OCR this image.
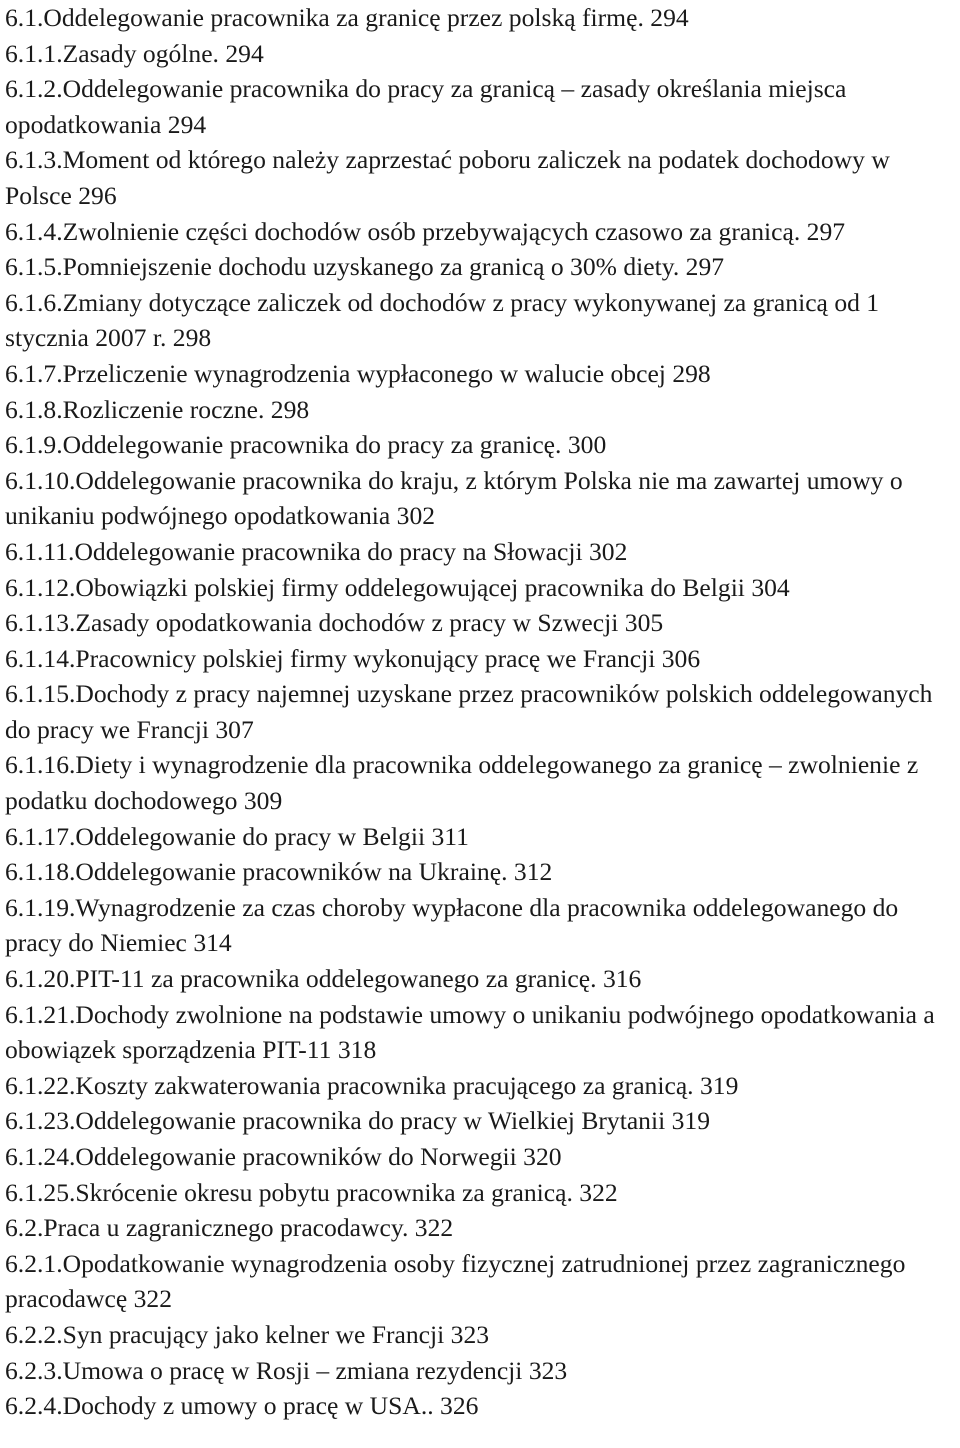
6.1.Oddelegowanie pracownika za granicę przez polską firmę. 294
6.1.1.Zasady ogólne. 294
6.1.2.Oddelegowanie pracownika do pracy za granicą – zasady określania miejsca opodatkowania 294
6.1.3.Moment od którego należy zaprzestać poboru zaliczek na podatek dochodowy w Polsce 296
6.1.4.Zwolnienie części dochodów osób przebywających czasowo za granicą. 297
6.1.5.Pomniejszenie dochodu uzyskanego za granicą o 30% diety. 297
6.1.6.Zmiany dotyczące zaliczek od dochodów z pracy wykonywanej za granicą od 1 stycznia 2007 r. 298
6.1.7.Przeliczenie wynagrodzenia wypłaconego w walucie obcej 298
6.1.8.Rozliczenie roczne. 298
6.1.9.Oddelegowanie pracownika do pracy za granicę. 300
6.1.10.Oddelegowanie pracownika do kraju, z którym Polska nie ma zawartej umowy o unikaniu podwójnego opodatkowania 302
6.1.11.Oddelegowanie pracownika do pracy na Słowacji 302
6.1.12.Obowiązki polskiej firmy oddelegowującej pracownika do Belgii 304
6.1.13.Zasady opodatkowania dochodów z pracy w Szwecji 305
6.1.14.Pracownicy polskiej firmy wykonujący pracę we Francji 306
6.1.15.Dochody z pracy najemnej uzyskane przez pracowników polskich oddelegowanych do pracy we Francji 307
6.1.16.Diety i wynagrodzenie dla pracownika oddelegowanego za granicę – zwolnienie z podatku dochodowego 309
6.1.17.Oddelegowanie do pracy w Belgii 311
6.1.18.Oddelegowanie pracowników na Ukrainę. 312
6.1.19.Wynagrodzenie za czas choroby wypłacone dla pracownika oddelegowanego do pracy do Niemiec 314
6.1.20.PIT-11 za pracownika oddelegowanego za granicę. 316
6.1.21.Dochody zwolnione na podstawie umowy o unikaniu podwójnego opodatkowania a obowiązek sporządzenia PIT-11 318
6.1.22.Koszty zakwaterowania pracownika pracującego za granicą. 319
6.1.23.Oddelegowanie pracownika do pracy w Wielkiej Brytanii 319
6.1.24.Oddelegowanie pracowników do Norwegii 320
6.1.25.Skrócenie okresu pobytu pracownika za granicą. 322
6.2.Praca u zagranicznego pracodawcy. 322
6.2.1.Opodatkowanie wynagrodzenia osoby fizycznej zatrudnionej przez zagranicznego pracodawcę 322
6.2.2.Syn pracujący jako kelner we Francji 323
6.2.3.Umowa o pracę w Rosji – zmiana rezydencji 323
6.2.4.Dochody z umowy o pracę w USA.. 326
